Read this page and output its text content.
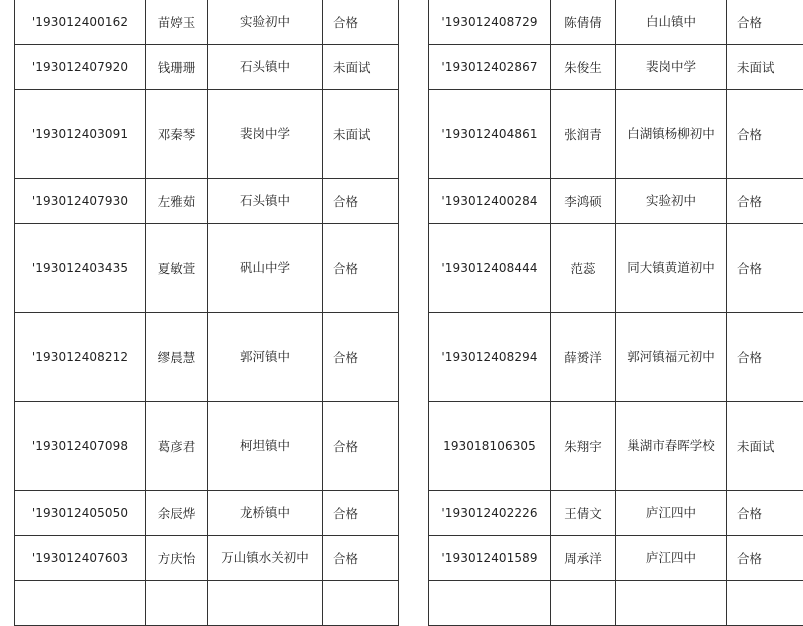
'193012400162	苗婷玉	实验初中	合格
'193012407920	钱珊珊	石头镇中	未面试
'193012403091	邓秦琴	裴岗中学	未面试
'193012407930	左雅茹	石头镇中	合格
'193012403435	夏敏萱	矾山中学	合格
'193012408212	缪晨慧	郭河镇中	合格
'193012407098	葛彦君	柯坦镇中	合格
'193012405050	余辰烨	龙桥镇中	合格
'193012407603	方庆怡	万山镇水关初中	合格

'193012408729	陈倩倩	白山镇中	合格
'193012402867	朱俊生	裴岗中学	未面试
'193012404861	张润青	白湖镇杨柳初中	合格
'193012400284	李鸿硕	实验初中	合格
'193012408444	范蕊	同大镇黄道初中	合格
'193012408294	薛赟洋	郭河镇福元初中	合格
193018106305	朱翔宇	巢湖市春晖学校	未面试
'193012402226	王倩文	庐江四中	合格
'193012401589	周承洋	庐江四中	合格
